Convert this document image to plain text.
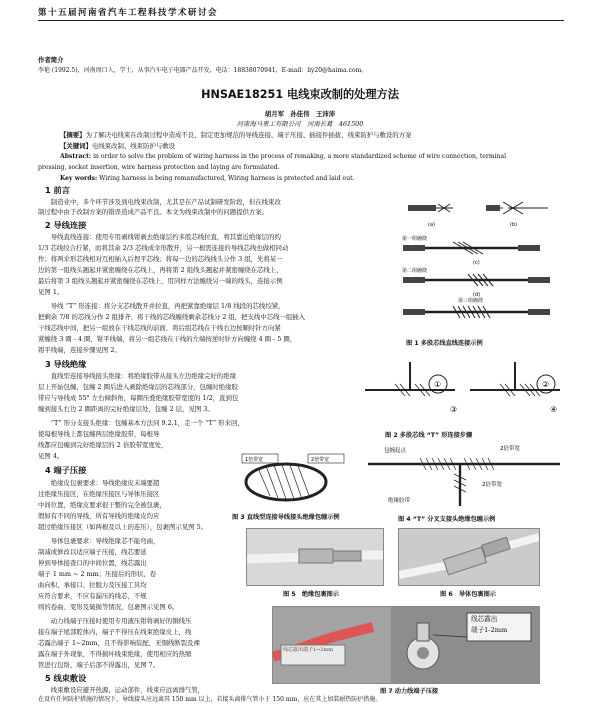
第十五届河南省汽车工程科技学术研讨会
作者简介
李艳 (1992.5)，河南周口人，学士，从事汽车电子电器产品开发，电话：18838070941，E-mail：liy20@haima.com。
HNSAE18251 电线束改制的处理方法
胡月军　孙佳伟　王沛沛
河南海马重工有限公司　河南长葛　461500
【摘要】为了解决电线束在改制过程中造成不良，制定更加规范的导线连接、端子压接、插接件插拔、线束防护与敷设的方案
【关键词】电线束改制、线束防护与敷设
Abstract: in order to solve the problem of wiring harness in the process of remaking, a more standardized scheme of wire connection, terminal
pressing, socket insertion, wire harness protection and laying are formulated.
Key words: Wiring harness is being remanufactured, Wiring harness is protected and laid out.
1 前言
　　制造业中，多个环节涉及到电线束改制，尤其是在产品试制研发阶段，但在线束改
制过程中由于改制方案的错误造成产品不良。本文为线束改制中的问题提供方案。
2 导线连接
　　导线直线连接：使用专用剥线钳剥去绝缘层约多股芯线拉直，将其靠近绝缘层的约
1/3 芯线绞合拧紧，而将其余 2/3 芯线成伞形散开，另一根需连接的导线芯线也做相同动
作；将两伞形芯线相对互相插入后捏平芯线；将每一边的芯线线头分作 3 组，先将某一
边的第一组线头翘起并紧密缠绕在芯线上，再将第 2 组线头翘起并紧密缠绕在芯线上，
最后将第 3 组线头翘起并紧密缠绕在芯线上，用同样方法缠绕另一端的线头，连接示例
见图 1。
　　导线 “T” 形连接：将分支芯线散开并拉直，再把紧靠绝缘层 1/8 线段的芯线绞紧，
把剩余 7/8 的芯线分作 2 组排齐，将干线的芯线缠绕剩余芯线分 2 组，把支线中芯线一组插入
干线芯线中间，把另一组放在干线芯线的前面，将后组芯线在干线右边按顺时针方向紧
紧缠绕 3 圈 - 4 圈，钳平线端，将另一组芯线在干线的左端按逆时针方向缠绕 4 圈 - 5 圈，
钳平线端，连接步骤见图 2。
3 导线绝缘
　　直线型连接导线接头绝缘：将绝缘胶带从接头左边绝缘完好的绝缘
层上开始包缠，包缠 2 圈后进入剥除绝缘层的芯线部分，包缠时绝缘胶
带应与导线成 55° 左右倾斜角，每圈压叠绝缘胶带宽度的 1/2，直到包
缠到接头右边 2 圈距离的完好绝缘层处，包缠 2 层，见图 3。
　　“T” 形分支接头绝缘：包缠基本方法同 9.2.1，走一个 “T” 形来回，
使每根导线上都包缠两层绝缘胶带，每根导
线都应包缠到完好绝缘层的 2 倍胶带宽度处，
见图 4。
4 端子压接
　　绝缘皮包裹要求：导线绝缘皮末端要超
过绝缘压接区，在绝缘压接区与导体压接区
中间位置，绝缘皮要求很干整的完全被包裹，
假如有不同的导线，所有导线的绝缘皮均应
超过绝缘压接区（如两根及以上的连压），包裹图示见图 5。
　　导体包裹要求：导线绝缘芯不能弯曲，
制减或修改以适应端子压接，线芯要延
伸到导体接查口的中间位置，线芯露出
端子 1 mm ~ 2 mm；压接后的形状、卷
曲向积、承接口、拉脱力及压接工具均
应符合要求，不应有漏压的线芯，不规
则的卷曲、变形及破损等情况，包裹图示见图 6。
　　动力线端子压接时使用专用液压钳将剥好的铜线压
接在端子尾部腔体内，端子不得压在线束绝缘皮上，线
芯露出端子 1~2mm，且不得影响装配，无铜线断裂及裸
露在端子外现象，不得损坏线束绝缘，使用相应的热缩
管进行包络，端子后部不得露出，见图 7。
5 线束敷设
　　线束敷设应避开热源、运动部件，线束应远离排气管，
在设有任何防护措施的情况下，导线接头应远离其 150 mm 以上，若接头离排气管小于 150 mm，应在其上加装耐热防护措施。
(a)	(b)
(c)
(d)
第一组缠绕
第二组缠绕
第三组缠绕
图 1 多股芯线直线连接示例
①	②
③	④
图 2 多股芯线 “T” 形连接步骤
1倍带宽	2倍带宽
图 3 直线型连接导线接头绝缘包缠示例
包缠起点	2倍带宽
2倍带宽
绝缘胶带
图 4 “T” 分叉支接头绝缘包缠示例
图 5　绝缘包裹图示	图 6　导体包裹图示
线芯露出端子1~2mm
线芯露出
端子1-2mm
图 7 动力线端子压接
